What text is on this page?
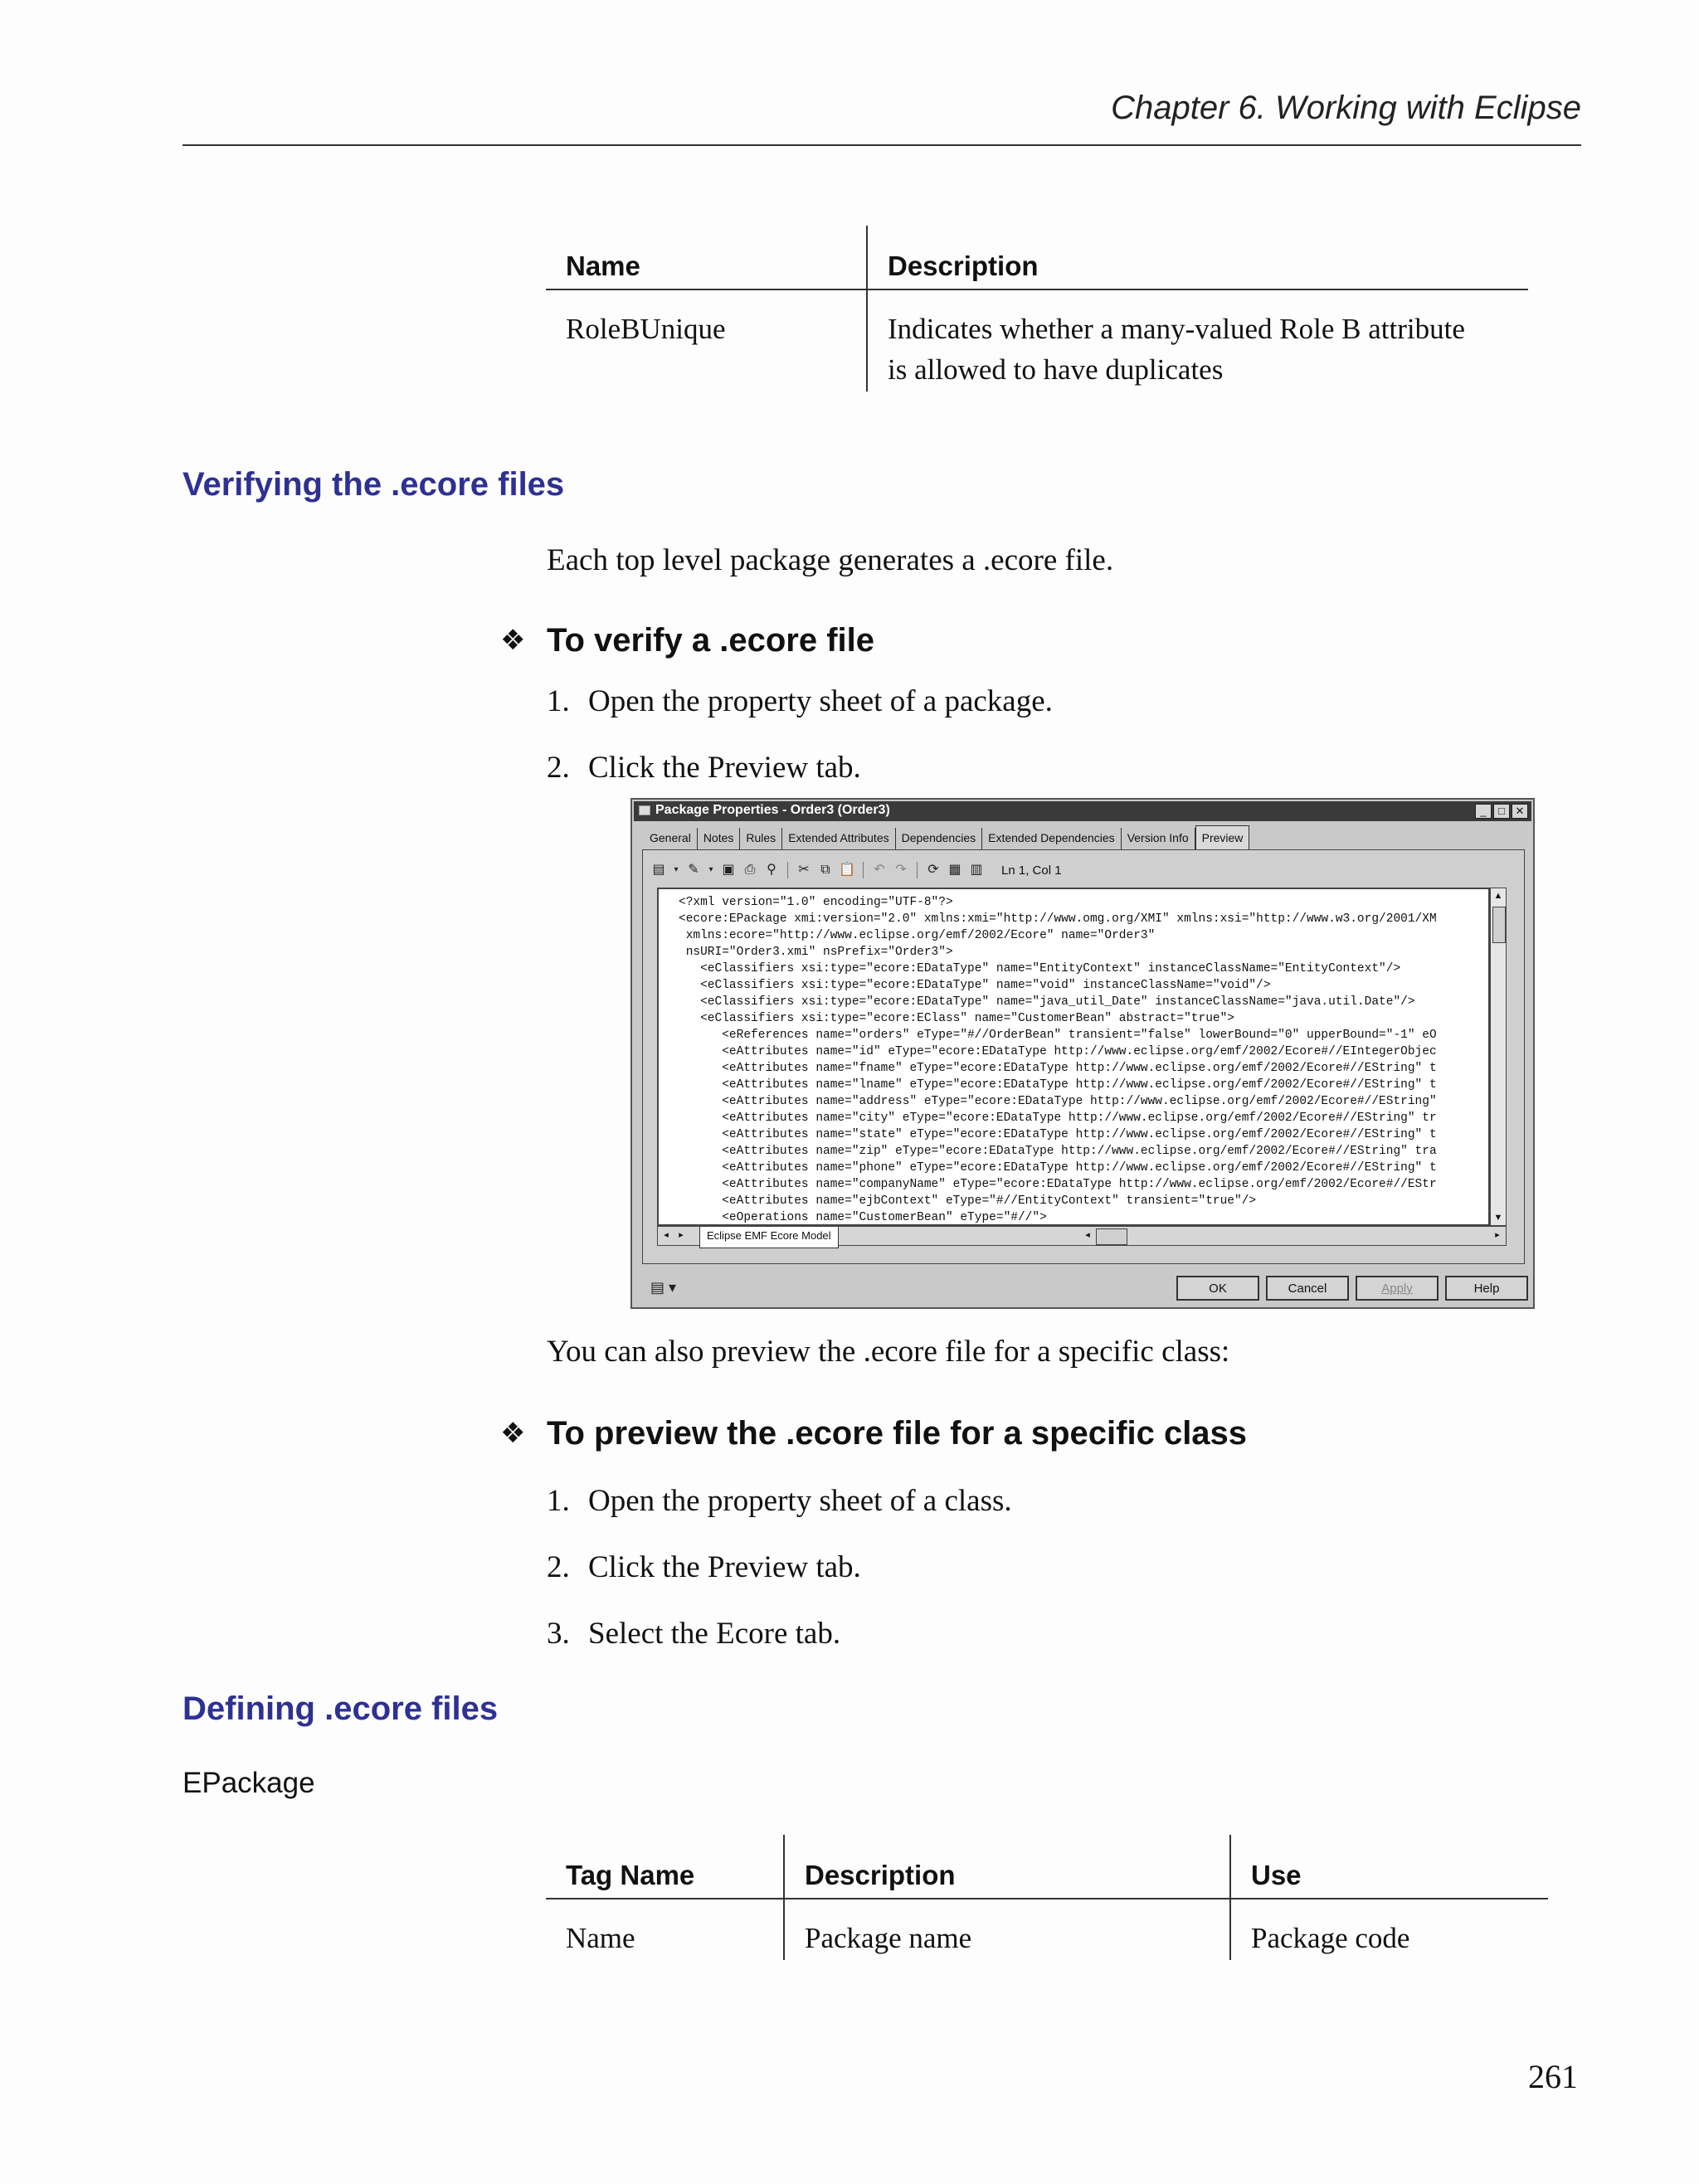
Chapter 6. Working with Eclipse
Name	Description
RoleBUnique	Indicates whether a many-valued Role B attribute
is allowed to have duplicates
Verifying the .ecore files
Each top level package generates a .ecore file.
❖ To verify a .ecore file
1. Open the property sheet of a package.
2. Click the Preview tab.
Package Properties - Order3 (Order3)	_	□ ✕
General	Notes	Rules	Extended Attributes	Dependencies	Extended Dependencies	Version Info	Preview
▤ ▾ ✎	▾ ▣ ⎙ ⚲ ✂ ⧉ 📋 ↶ ↷ ⟳ ▦ ▥ Ln 1, Col 1
<?xml version="1.0" encoding="UTF-8"?>
<ecore:EPackage xmi:version="2.0" xmlns:xmi="http://www.omg.org/XMI" xmlns:xsi="http://www.w3.org/2001/XM
xmlns:ecore="http://www.eclipse.org/emf/2002/Ecore" name="Order3"
nsURI="Order3.xmi" nsPrefix="Order3">
<eClassifiers xsi:type="ecore:EDataType" name="EntityContext" instanceClassName="EntityContext"/>
<eClassifiers xsi:type="ecore:EDataType" name="void" instanceClassName="void"/>
<eClassifiers xsi:type="ecore:EDataType" name="java_util_Date" instanceClassName="java.util.Date"/>
<eClassifiers xsi:type="ecore:EClass" name="CustomerBean" abstract="true">
<eReferences name="orders" eType="#//OrderBean" transient="false" lowerBound="0" upperBound="-1" eO
<eAttributes name="id" eType="ecore:EDataType http://www.eclipse.org/emf/2002/Ecore#//EIntegerObjec
<eAttributes name="fname" eType="ecore:EDataType http://www.eclipse.org/emf/2002/Ecore#//EString" t
<eAttributes name="lname" eType="ecore:EDataType http://www.eclipse.org/emf/2002/Ecore#//EString" t
<eAttributes name="address" eType="ecore:EDataType http://www.eclipse.org/emf/2002/Ecore#//EString"
<eAttributes name="city" eType="ecore:EDataType http://www.eclipse.org/emf/2002/Ecore#//EString" tr
<eAttributes name="state" eType="ecore:EDataType http://www.eclipse.org/emf/2002/Ecore#//EString" t
<eAttributes name="zip" eType="ecore:EDataType http://www.eclipse.org/emf/2002/Ecore#//EString" tra
<eAttributes name="phone" eType="ecore:EDataType http://www.eclipse.org/emf/2002/Ecore#//EString" t
<eAttributes name="companyName" eType="ecore:EDataType http://www.eclipse.org/emf/2002/Ecore#//EStr
<eAttributes name="ejbContext" eType="#//EntityContext" transient="true"/>
<eOperations name="CustomerBean" eType="#//">
▲
▼
◂	▸	Eclipse EMF Ecore Model	◂	▸
▤ ▾	OK	Cancel	Apply	Help
You can also preview the .ecore file for a specific class:
❖ To preview the .ecore file for a specific class
1. Open the property sheet of a class.
2. Click the Preview tab.
3. Select the Ecore tab.
Defining .ecore files
EPackage
Tag Name	Description	Use
Name	Package name	Package code
261
